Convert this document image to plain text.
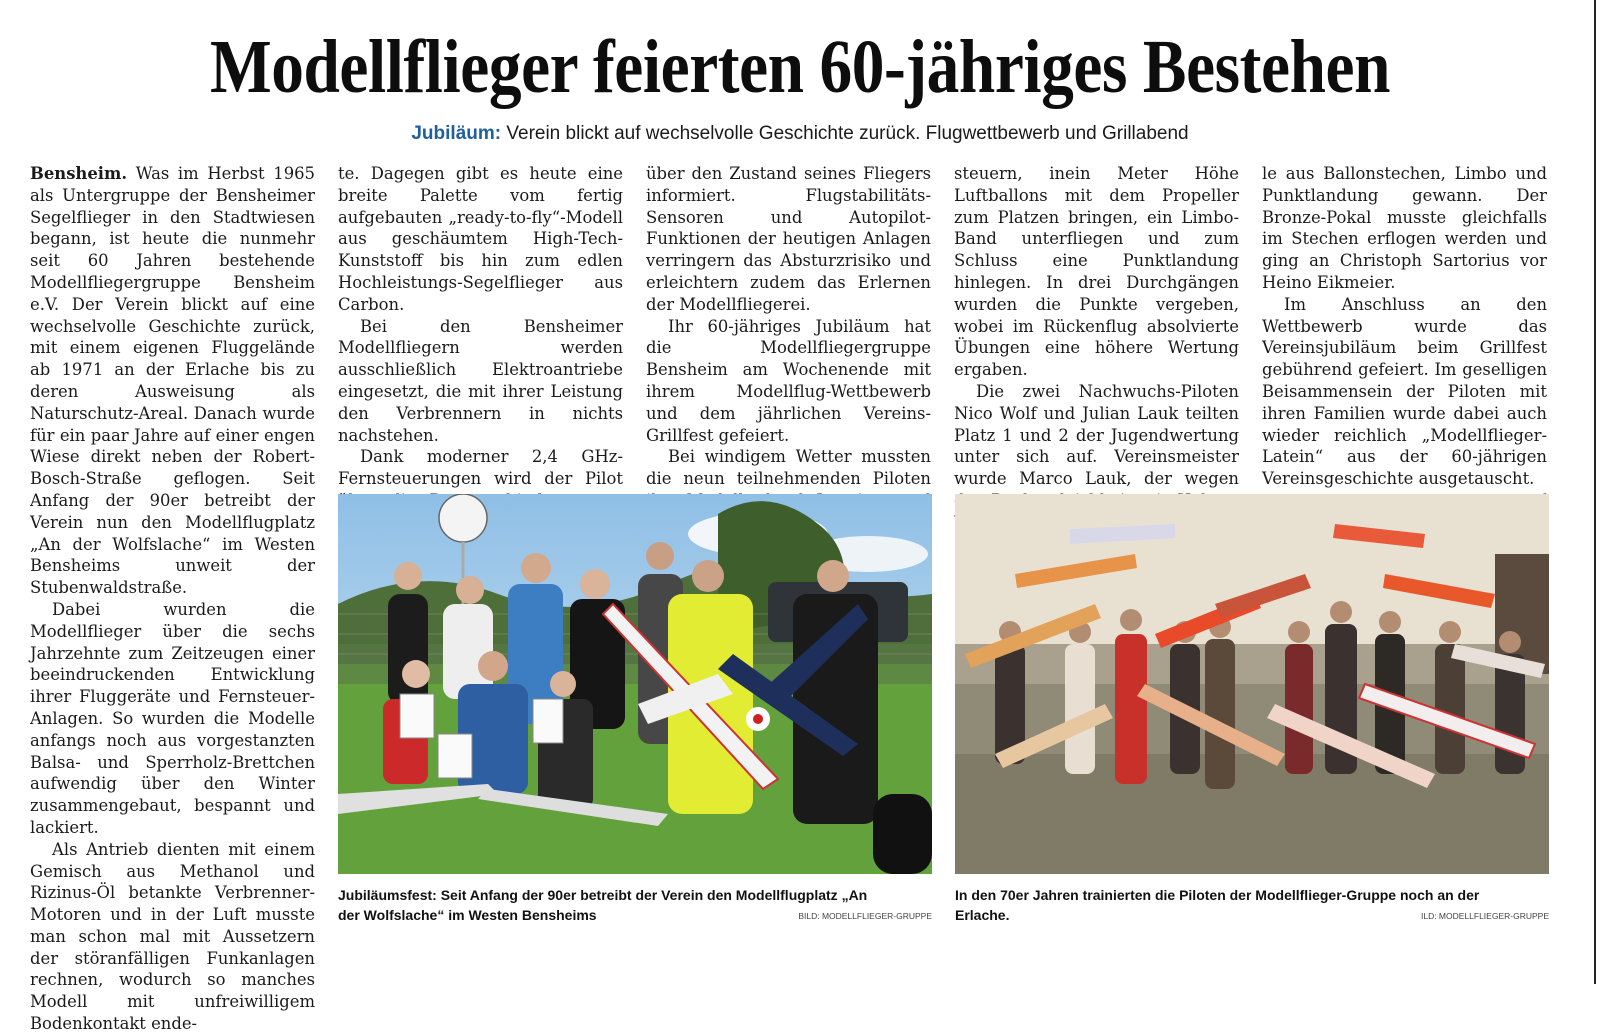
Modellflieger feierten 60-jähriges Bestehen
Jubiläum: Verein blickt auf wechselvolle Geschichte zurück. Flugwettbewerb und Grillabend

Bensheim. Was im Herbst 1965 als Untergruppe der Bensheimer Segelflieger in den Stadtwiesen begann, ist heute die nunmehr seit 60 Jahren bestehende Modellfliegergruppe Bensheim e.V. Der Verein blickt auf eine wechselvolle Geschichte zurück, mit einem eigenen Fluggelände ab 1971 an der Erlache bis zu deren Ausweisung als Naturschutz-Areal. Danach wurde für ein paar Jahre auf einer engen Wiese direkt neben der Robert-Bosch-Straße geflogen. Seit Anfang der 90er betreibt der Verein nun den Modellflugplatz „An der Wolfslache“ im Westen Bensheims unweit der Stubenwaldstraße.

Dabei wurden die Modellflieger über die sechs Jahrzehnte zum Zeitzeugen einer beeindruckenden Entwicklung ihrer Fluggeräte und Fernsteuer-Anlagen. So wurden die Modelle anfangs noch aus vorgestanzten Balsa- und Sperrholz-Brettchen aufwendig über den Winter zusammengebaut, bespannt und lackiert.

Als Antrieb dienten mit einem Gemisch aus Methanol und Rizinus-Öl betankte Verbrenner-Motoren und in der Luft musste man schon mal mit Aussetzern der störanfälligen Funkanlagen rechnen, wodurch so manches Modell mit unfreiwilligem Bodenkontakt ende-

te. Dagegen gibt es heute eine breite Palette vom fertig aufgebauten „ready-to-fly“-Modell aus geschäumtem High-Tech-Kunststoff bis hin zum edlen Hochleistungs-Segelflieger aus Carbon.

Bei den Bensheimer Modellfliegern werden ausschließlich Elektroantriebe eingesetzt, die mit ihrer Leistung den Verbrennern in nichts nachstehen.

Dank moderner 2,4 GHz-Fernsteuerungen wird der Pilot

über den Zustand seines Fliegers informiert. Flugstabilitäts-Sensoren und Autopilot-Funktionen der heutigen Anlagen verringern das Absturzrisiko und erleichtern zudem das Erlernen der Modellfliegerei.

Ihr 60-jähriges Jubiläum hat die Modellfliegergruppe Bensheim am Wochenende mit ihrem Modellflug-Wettbewerb und dem jährlichen Vereins-Grillfest gefeiert.

Bei windigem Wetter mussten die neun teilnehmenden Piloten

steuern, inein Meter Höhe Luftballons mit dem Propeller zum Platzen bringen, ein Limbo-Band unterfliegen und zum Schluss eine Punktlandung hinlegen. In drei Durchgängen wurden die Punkte vergeben, wobei im Rückenflug absolvierte Übungen eine höhere Wertung ergaben.

Die zwei Nachwuchs-Piloten Nico Wolf und Julian Lauk teilten Platz 1 und 2 der Jugendwertung unter sich auf. Vereinsmeister wurde Marco Lauk, der wegen

le aus Ballonstechen, Limbo und Punktlandung gewann. Der Bronze-Pokal musste gleichfalls im Stechen erflogen werden und ging an Christoph Sartorius vor Heino Eikmeier.

Im Anschluss an den Wettbewerb wurde das Vereinsjubiläum beim Grillfest gebührend gefeiert. Im geselligen Beisammensein der Piloten mit ihren Familien wurde dabei auch wieder reichlich „Modellflieger-Latein“ aus der 60-jährigen Vereinsgeschichte ausgetauscht.

Jubiläumsfest: Seit Anfang der 90er betreibt der Verein den Modellflugplatz „An der Wolfslache“ im Westen Bensheims	BILD: MODELLFLIEGER-GRUPPE
In den 70er Jahren trainierten die Piloten der Modellflieger-Gruppe noch an der Erlache.	ILD: MODELLFLIEGER-GRUPPE
